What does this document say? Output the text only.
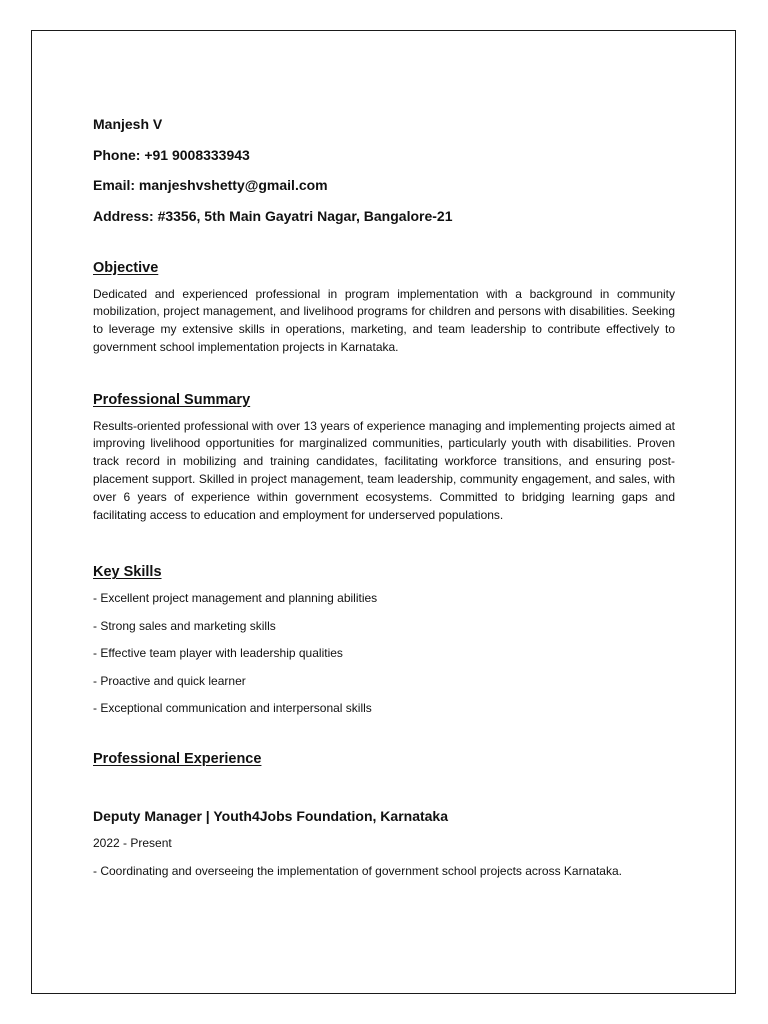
Manjesh V

Phone: +91 9008333943

Email: manjeshvshetty@gmail.com

Address: #3356, 5th Main Gayatri Nagar, Bangalore-21

Objective

Dedicated and experienced professional in program implementation with a background in community mobilization, project management, and livelihood programs for children and persons with disabilities. Seeking to leverage my extensive skills in operations, marketing, and team leadership to contribute effectively to government school implementation projects in Karnataka.

Professional Summary

Results-oriented professional with over 13 years of experience managing and implementing projects aimed at improving livelihood opportunities for marginalized communities, particularly youth with disabilities. Proven track record in mobilizing and training candidates, facilitating workforce transitions, and ensuring post-placement support. Skilled in project management, team leadership, community engagement, and sales, with over 6 years of experience within government ecosystems. Committed to bridging learning gaps and facilitating access to education and employment for underserved populations.

Key Skills

- Excellent project management and planning abilities

- Strong sales and marketing skills

- Effective team player with leadership qualities

- Proactive and quick learner

- Exceptional communication and interpersonal skills

Professional Experience

Deputy Manager | Youth4Jobs Foundation, Karnataka

2022 - Present

- Coordinating and overseeing the implementation of government school projects across Karnataka.
